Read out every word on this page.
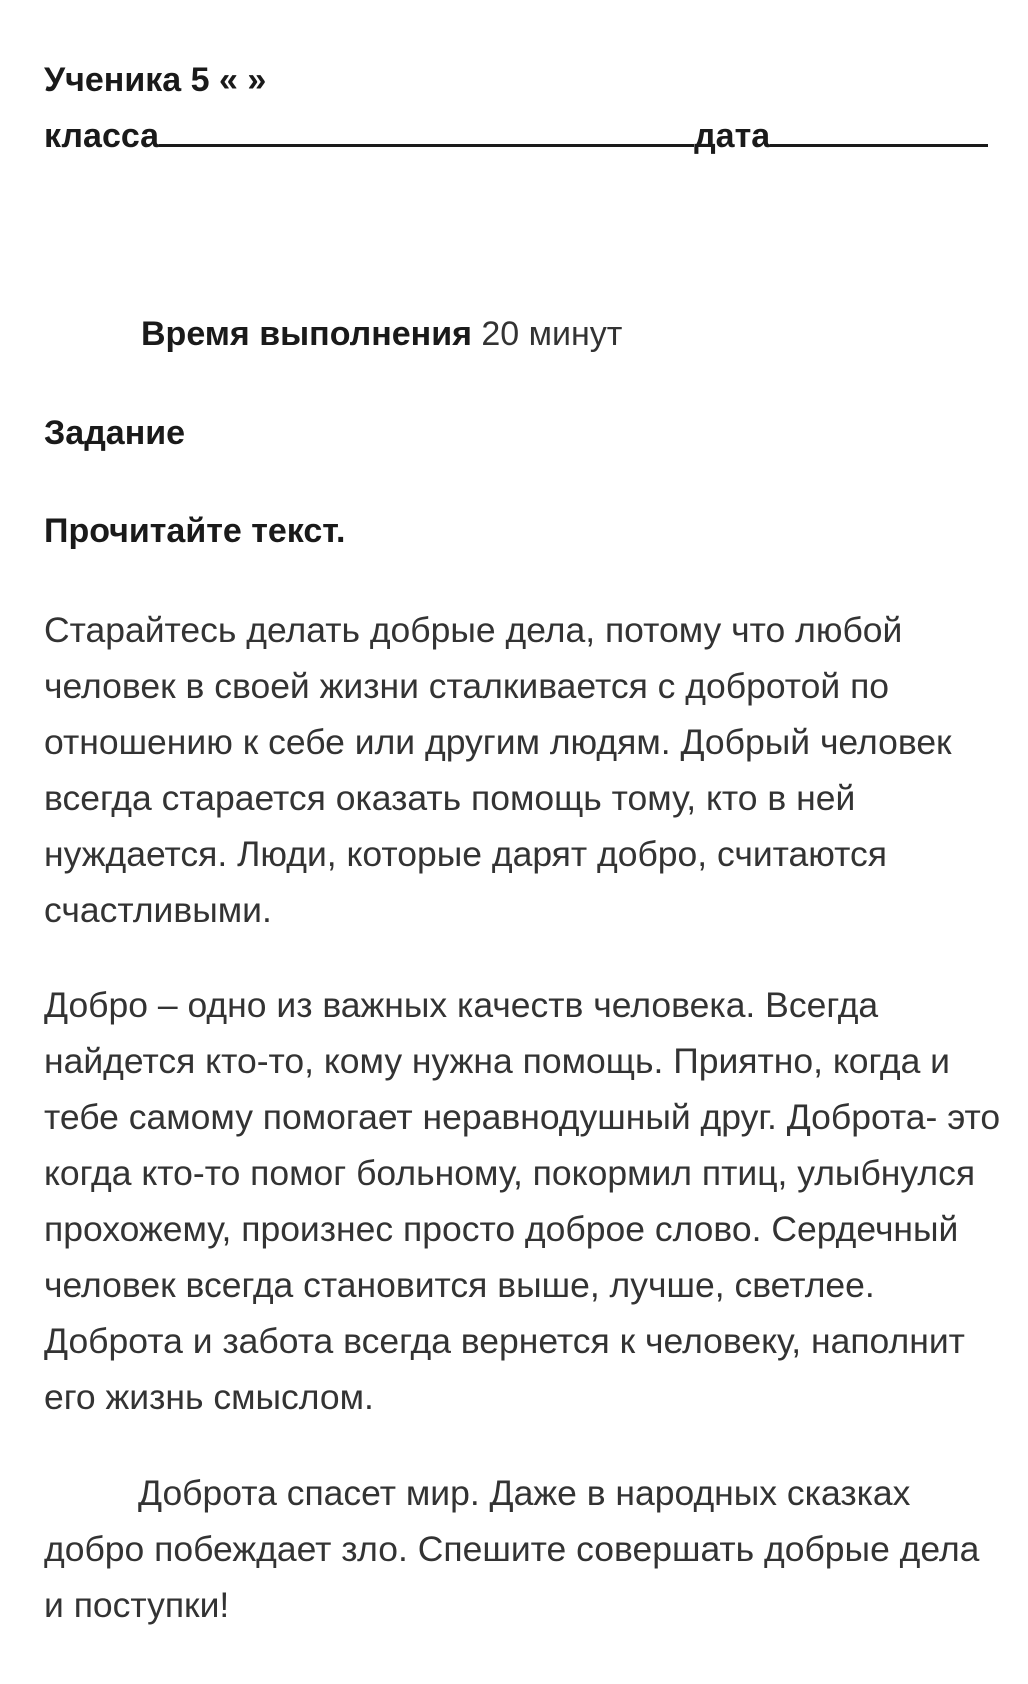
Ученика 5 « »
класса	дата
Время выполнения 20 минут
Задание
Прочитайте текст.

Старайтесь делать добрые дела, потому что любой человек в своей жизни сталкивается с добротой по отношению к себе или другим людям. Добрый человек всегда старается оказать помощь тому, кто в ней нуждается. Люди, которые дарят добро, считаются счастливыми.

Добро – одно из важных качеств человека. Всегда найдется кто-то, кому нужна помощь. Приятно, когда и тебе самому помогает неравнодушный друг. Доброта- это когда кто-то помог больному, покормил птиц, улыбнулся прохожему, произнес просто доброе слово. Сердечный человек всегда становится выше, лучше, светлее. Доброта и забота всегда вернется к человеку, наполнит его жизнь смыслом.

Доброта спасет мир. Даже в народных сказках добро побеждает зло. Спешите совершать добрые дела и поступки!
